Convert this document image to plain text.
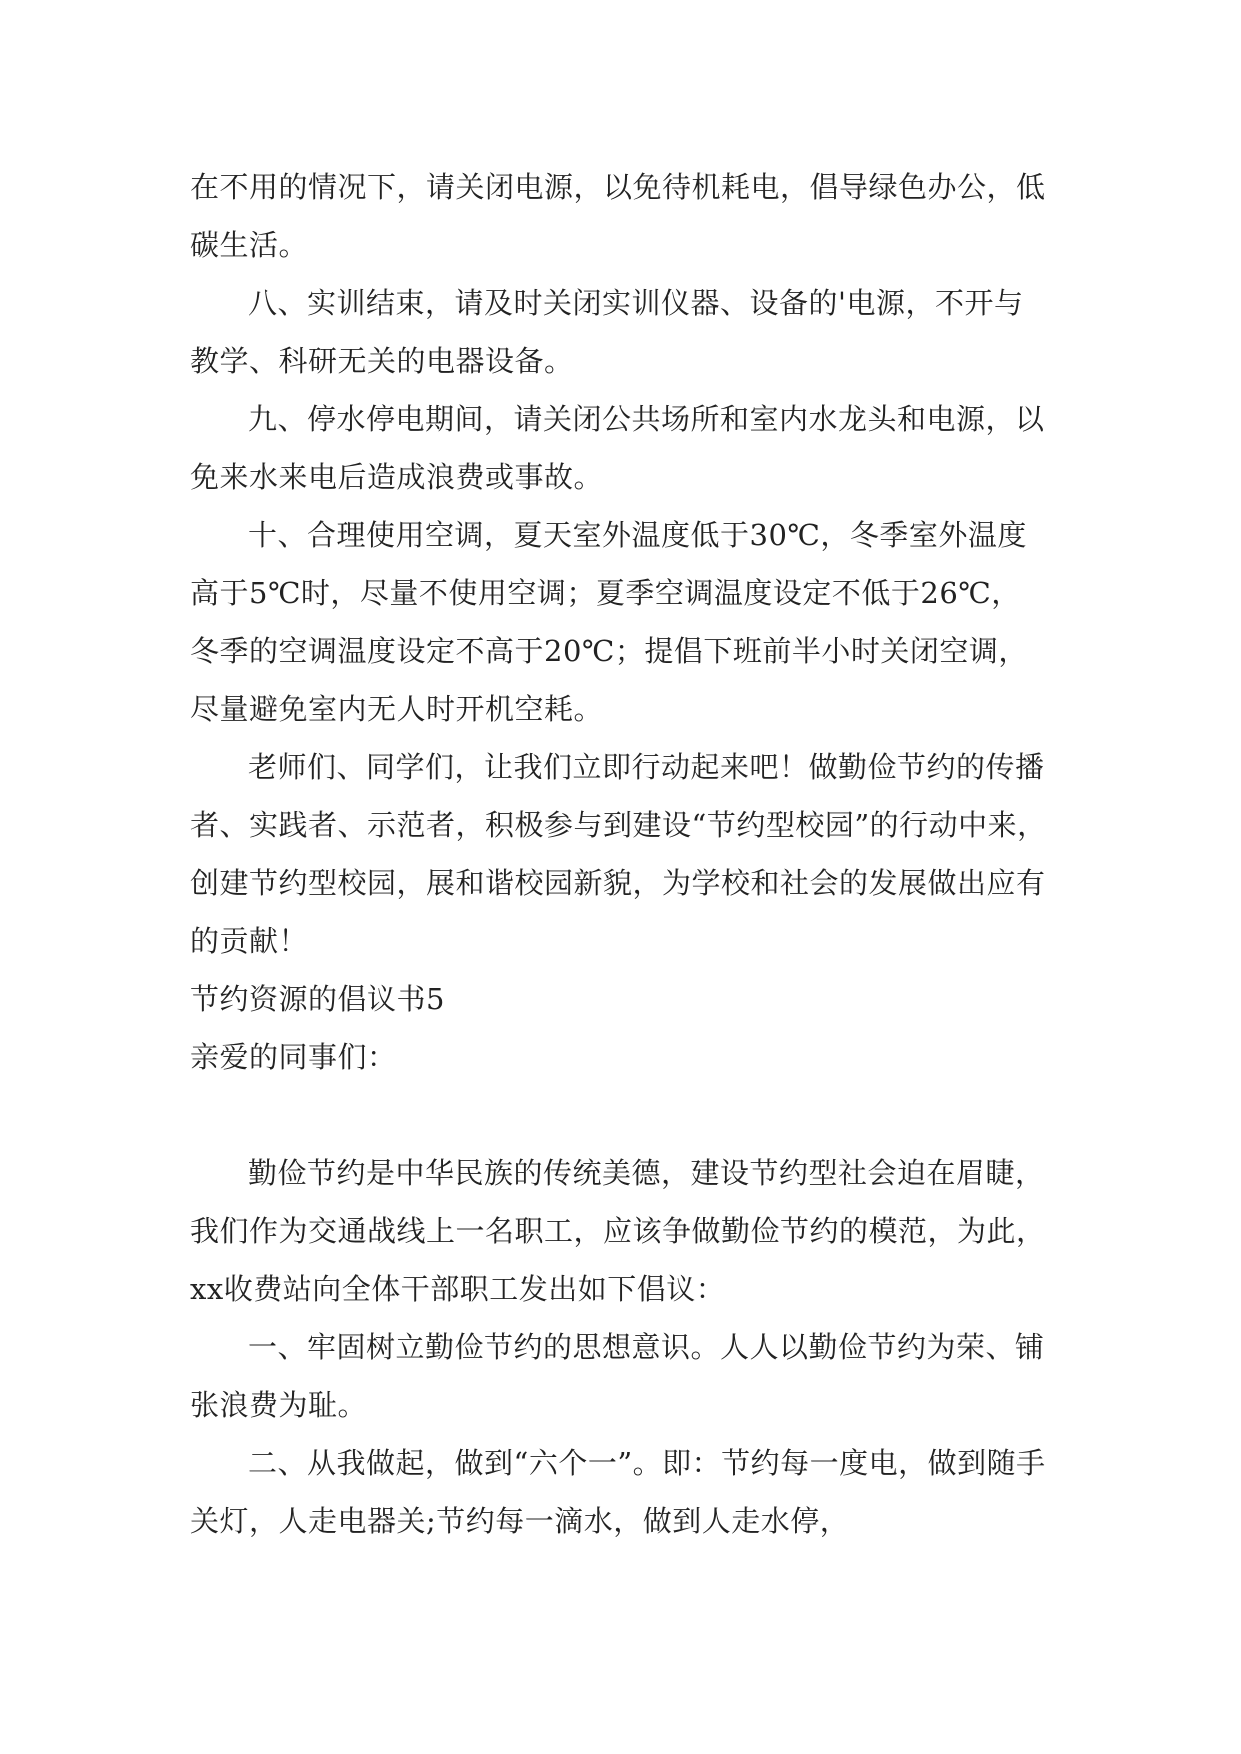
在不用的情况下，请关闭电源，以免待机耗电，倡导绿色办公，低碳生活。

八、实训结束，请及时关闭实训仪器、设备的'电源，不开与教学、科研无关的电器设备。

九、停水停电期间，请关闭公共场所和室内水龙头和电源，以免来水来电后造成浪费或事故。

十、合理使用空调，夏天室外温度低于30℃，冬季室外温度高于5℃时，尽量不使用空调；夏季空调温度设定不低于26℃，冬季的空调温度设定不高于20℃；提倡下班前半小时关闭空调，尽量避免室内无人时开机空耗。

老师们、同学们，让我们立即行动起来吧！做勤俭节约的传播者、实践者、示范者，积极参与到建设“节约型校园”的行动中来，创建节约型校园，展和谐校园新貌，为学校和社会的发展做出应有的贡献！

节约资源的倡议书5

亲爱的同事们：

勤俭节约是中华民族的传统美德，建设节约型社会迫在眉睫，我们作为交通战线上一名职工，应该争做勤俭节约的模范，为此，xx收费站向全体干部职工发出如下倡议：

一、牢固树立勤俭节约的思想意识。人人以勤俭节约为荣、铺张浪费为耻。

二、从我做起，做到“六个一”。即：节约每一度电，做到随手关灯，人走电器关;节约每一滴水，做到人走水停，
